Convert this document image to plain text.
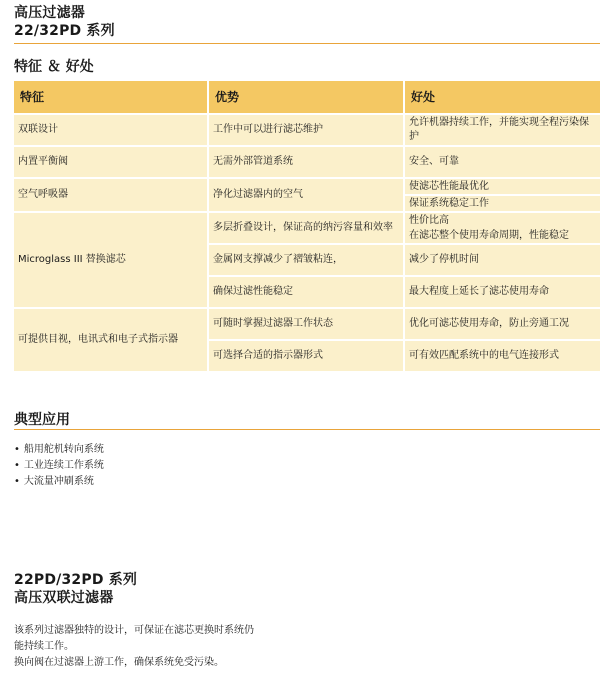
高压过滤器
22/32PD 系列
特征 ＆ 好处
特征	优势	好处
双联设计	工作中可以进行滤芯维护	允许机器持续工作，并能实现全程污染保护
内置平衡阀	无需外部管道系统	安全、可靠
空气呼吸器	净化过滤器内的空气	使滤芯性能最优化
保证系统稳定工作

Microglass III 替换滤芯	多层折叠设计，保证高的纳污容量和效率	性价比高
在滤芯整个使用寿命周期，性能稳定

	金属网支撑减少了褶皱粘连，	减少了停机时间
	确保过滤性能稳定	最大程度上延长了滤芯使用寿命
可提供目视，电讯式和电子式指示器	可随时掌握过滤器工作状态	优化可滤芯使用寿命，防止旁通工况
	可选择合适的指示器形式	可有效匹配系统中的电气连接形式
典型应用
• 船用舵机转向系统
• 工业连续工作系统
• 大流量冲刷系统
22PD/32PD 系列
高压双联过滤器
该系列过滤器独特的设计，可保证在滤芯更换时系统仍
能持续工作。
换向阀在过滤器上游工作，确保系统免受污染。
